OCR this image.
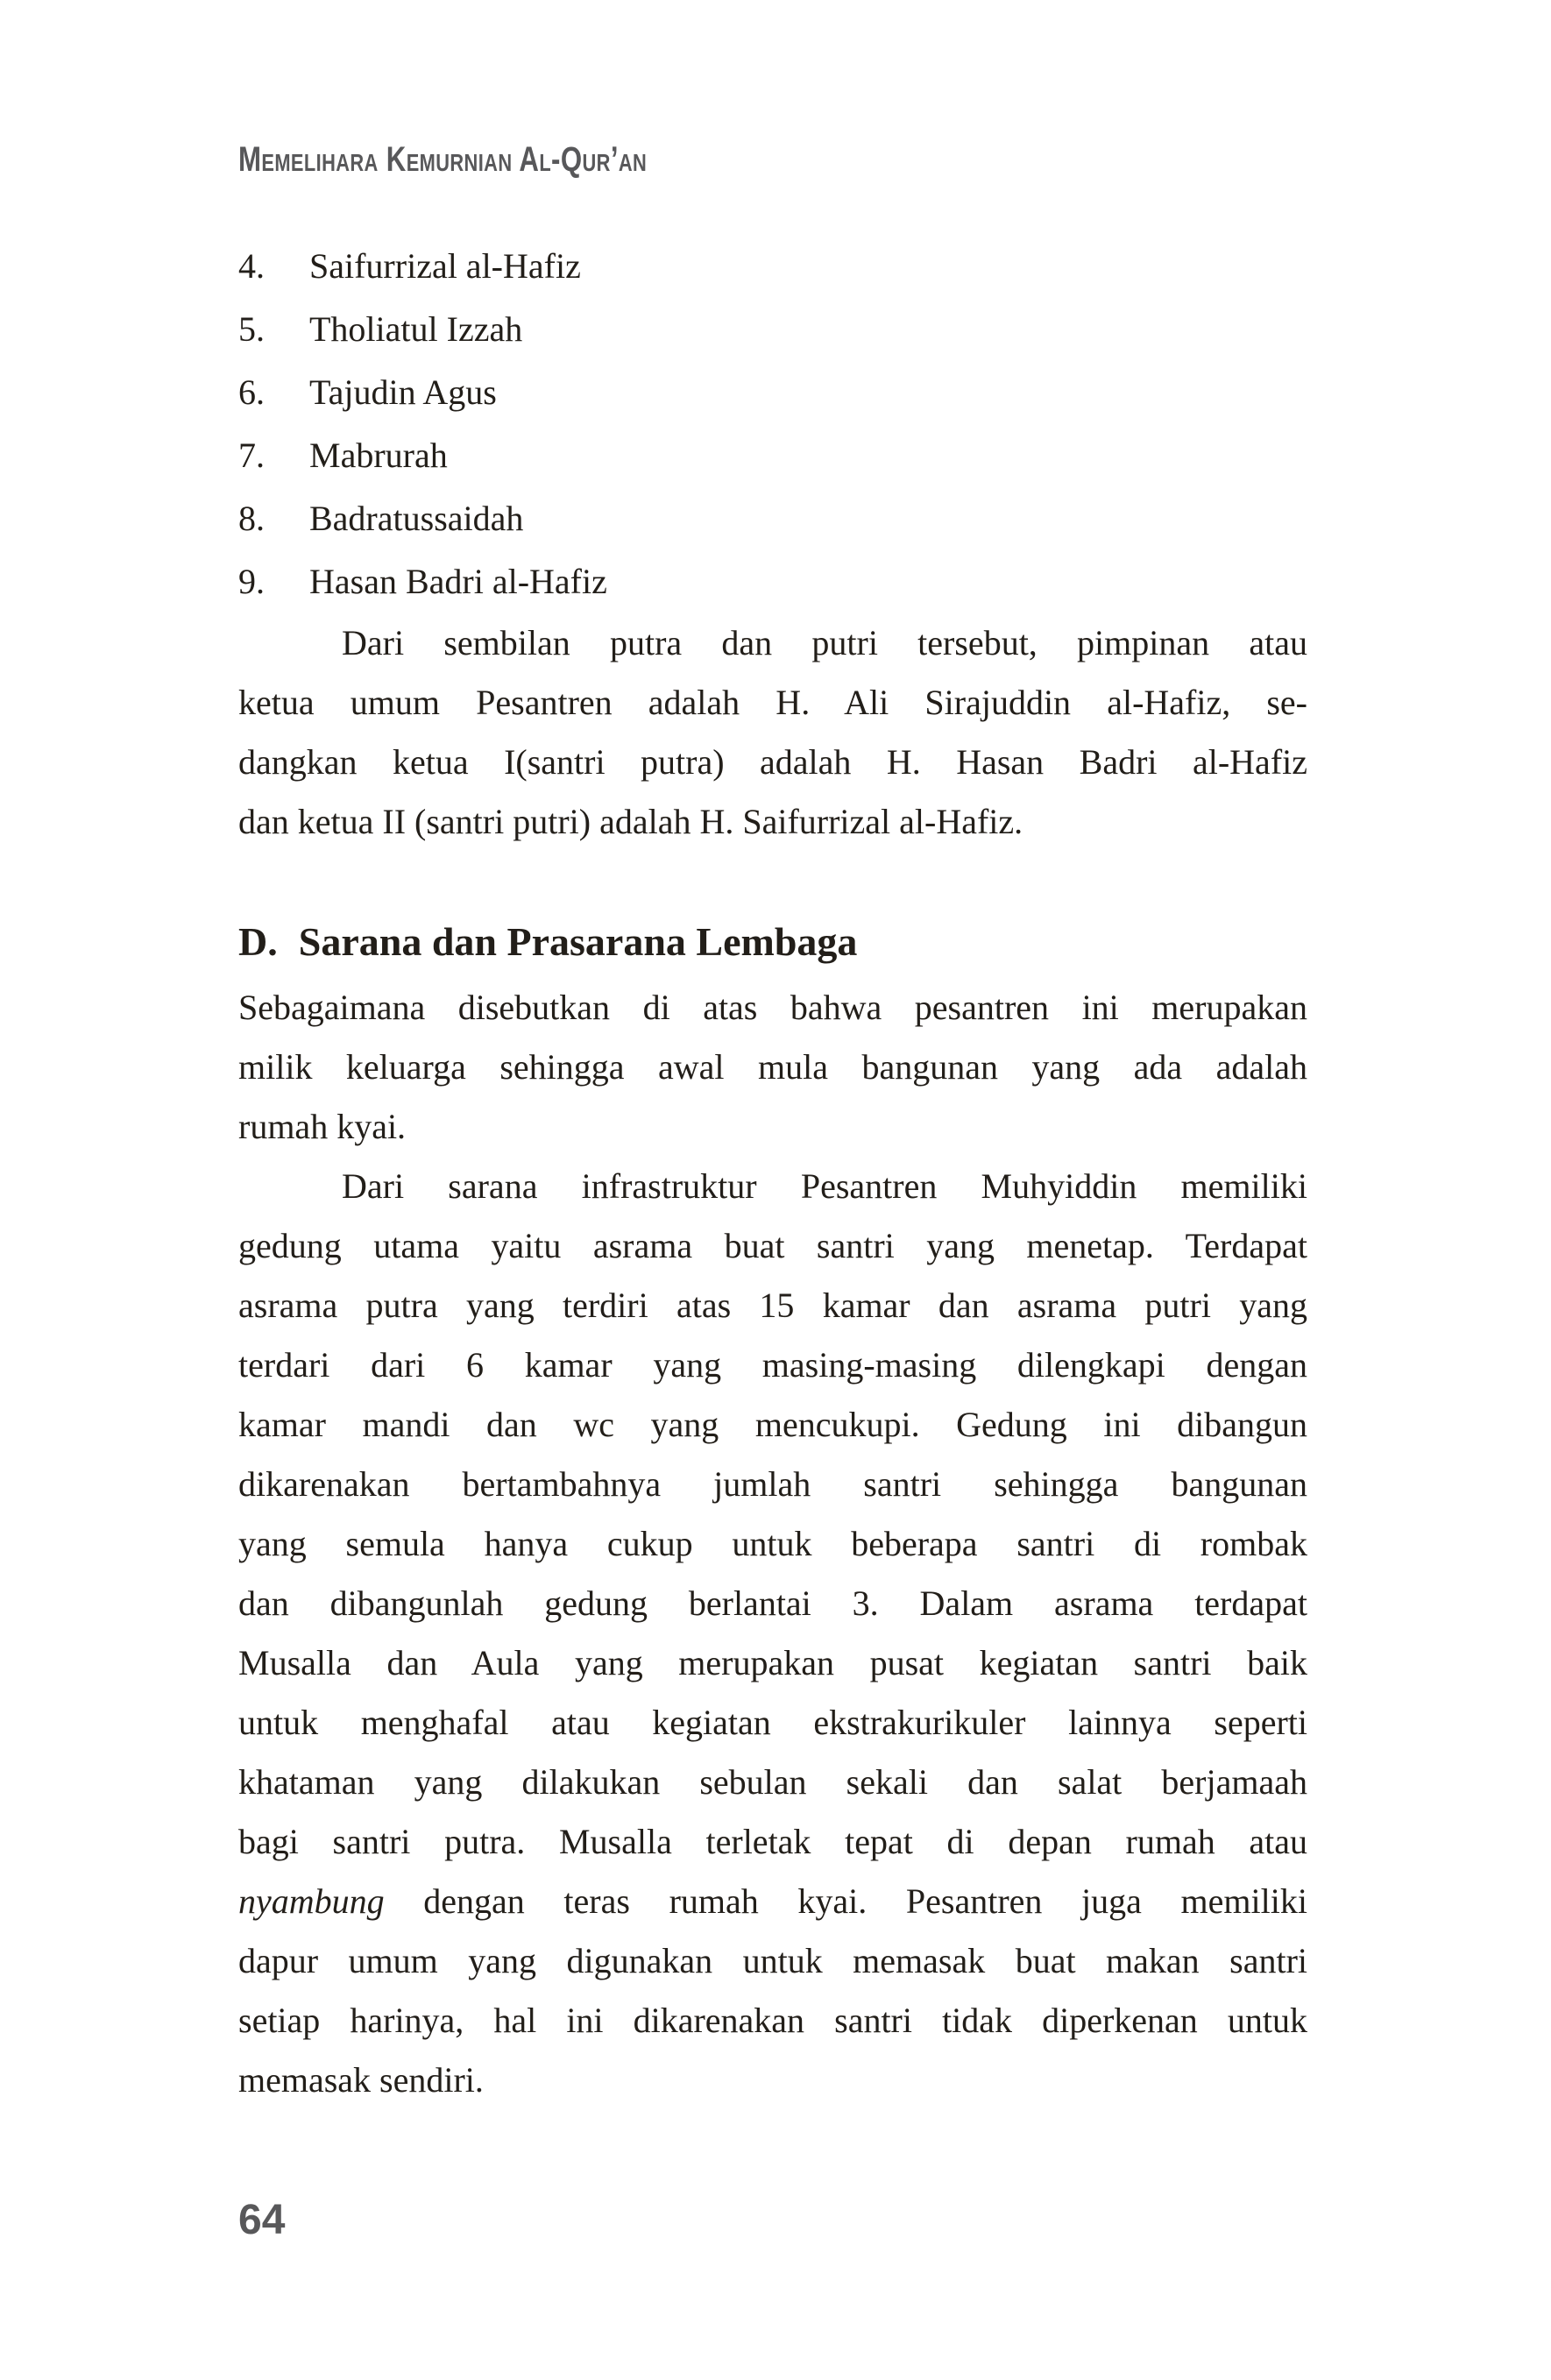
Memelihara Kemurnian Al-Qur’an
4. Saifurrizal al-Hafiz
5. Tholiatul Izzah
6. Tajudin Agus
7. Mabrurah
8. Badratussaidah
9. Hasan Badri al-Hafiz
Dari sembilan putra dan putri tersebut, pimpinan atau
ketua umum Pesantren adalah H. Ali Sirajuddin al-Hafiz, se-
dangkan ketua I(santri putra) adalah H. Hasan Badri al-Hafiz
dan ketua II (santri putri) adalah H. Saifurrizal al-Hafiz.
D. Sarana dan Prasarana Lembaga
Sebagaimana disebutkan di atas bahwa pesantren ini merupakan
milik keluarga sehingga awal mula bangunan yang ada adalah
rumah kyai.
Dari sarana infrastruktur Pesantren Muhyiddin memiliki
gedung utama yaitu asrama buat santri yang menetap. Terdapat
asrama putra yang terdiri atas 15 kamar dan asrama putri yang
terdari dari 6 kamar yang masing-masing dilengkapi dengan
kamar mandi dan wc yang mencukupi. Gedung ini dibangun
dikarenakan bertambahnya jumlah santri sehingga bangunan
yang semula hanya cukup untuk beberapa santri di rombak
dan dibangunlah gedung berlantai 3. Dalam asrama terdapat
Musalla dan Aula yang merupakan pusat kegiatan santri baik
untuk menghafal atau kegiatan ekstrakurikuler lainnya seperti
khataman yang dilakukan sebulan sekali dan salat berjamaah
bagi santri putra. Musalla terletak tepat di depan rumah atau
nyambung dengan teras rumah kyai. Pesantren juga memiliki
dapur umum yang digunakan untuk memasak buat makan santri
setiap harinya, hal ini dikarenakan santri tidak diperkenan untuk
memasak sendiri.
64
